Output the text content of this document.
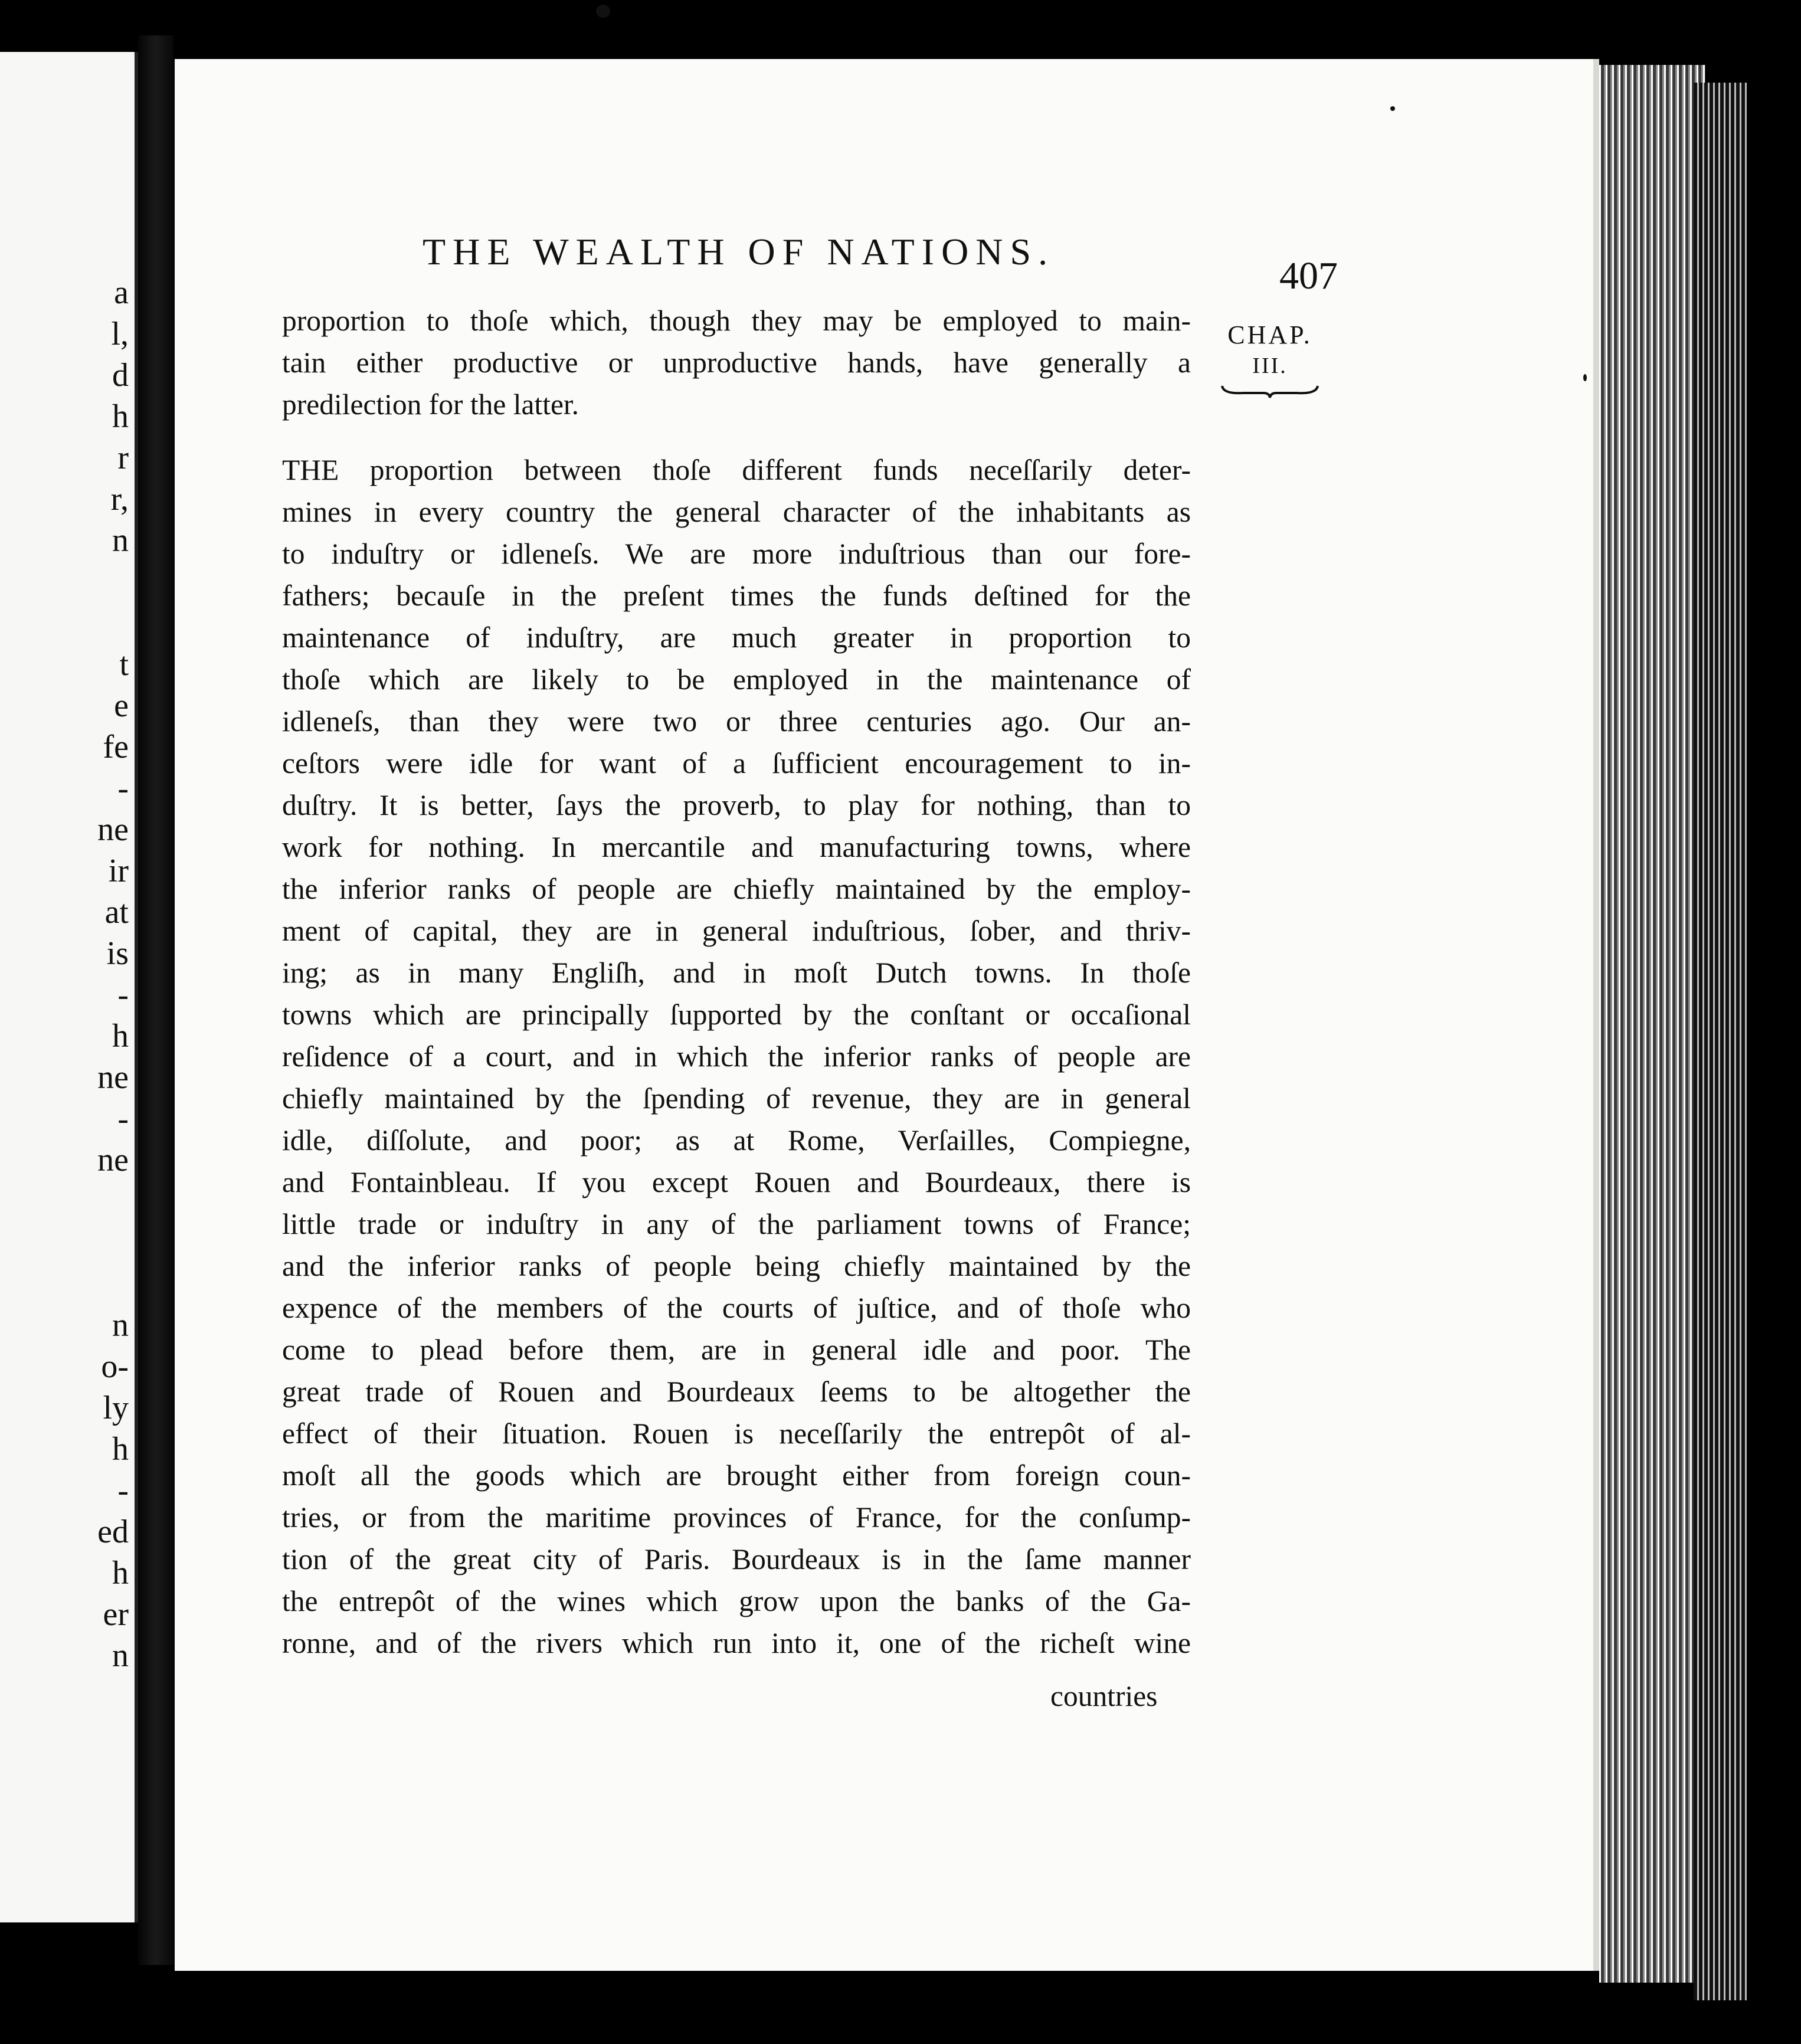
a
l,
d
h
r
r,
n
t
e
fe
-
ne
ir
at
is
-
h
ne
-
ne
n
o-
ly
h
-
ed
h
er
n
THE WEALTH OF NATIONS.
407
CHAP.
III.
proportion to thoſe which, though they may be employed to main-
tain either productive or unproductive hands, have generally a
predilection for the latter.
THE proportion between thoſe different funds neceſſarily deter-
mines in every country the general character of the inhabitants as
to induſtry or idleneſs. We are more induſtrious than our fore-
fathers; becauſe in the preſent times the funds deſtined for the
maintenance of induſtry, are much greater in proportion to
thoſe which are likely to be employed in the maintenance of
idleneſs, than they were two or three centuries ago. Our an-
ceſtors were idle for want of a ſufficient encouragement to in-
duſtry. It is better, ſays the proverb, to play for nothing, than to
work for nothing. In mercantile and manufacturing towns, where
the inferior ranks of people are chiefly maintained by the employ-
ment of capital, they are in general induſtrious, ſober, and thriv-
ing; as in many Engliſh, and in moſt Dutch towns. In thoſe
towns which are principally ſupported by the conſtant or occaſional
reſidence of a court, and in which the inferior ranks of people are
chiefly maintained by the ſpending of revenue, they are in general
idle, diſſolute, and poor; as at Rome, Verſailles, Compiegne,
and Fontainbleau. If you except Rouen and Bourdeaux, there is
little trade or induſtry in any of the parliament towns of France;
and the inferior ranks of people being chiefly maintained by the
expence of the members of the courts of juſtice, and of thoſe who
come to plead before them, are in general idle and poor. The
great trade of Rouen and Bourdeaux ſeems to be altogether the
effect of their ſituation. Rouen is neceſſarily the entrepôt of al-
moſt all the goods which are brought either from foreign coun-
tries, or from the maritime provinces of France, for the conſump-
tion of the great city of Paris. Bourdeaux is in the ſame manner
the entrepôt of the wines which grow upon the banks of the Ga-
ronne, and of the rivers which run into it, one of the richeſt wine
countries
